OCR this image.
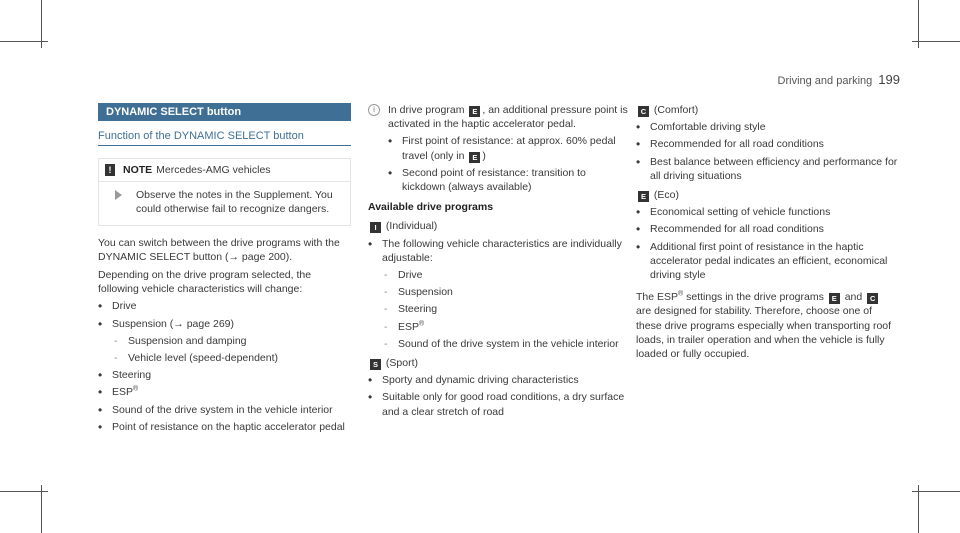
Driving and parking 199
DYNAMIC SELECT button
Function of the DYNAMIC SELECT button
!	NOTE Mercedes-AMG vehicles
Observe the notes in the Supplement. You could otherwise fail to recognize dangers.

You can switch between the drive programs with the DYNAMIC SELECT button (→ page 200).

Depending on the drive program selected, the following vehicle characteristics will change:

• Drive
• Suspension (→ page 269)
-	Suspension and damping
-	Vehicle level (speed-dependent)
• Steering
• ESP®
• Sound of the drive system in the vehicle interior
• Point of resistance on the haptic accelerator pedal
i	In drive program E , an additional pressure point is activated in the haptic accelerator pedal.
• First point of resistance: at approx. 60% pedal travel (only in E )
• Second point of resistance: transition to kickdown (always available)
Available drive programs
I (Individual)
• The following vehicle characteristics are individually adjustable:
-	Drive
-	Suspension
-	Steering
-	ESP®
-	Sound of the drive system in the vehicle interior
S (Sport)
• Sporty and dynamic driving characteristics
• Suitable only for good road conditions, a dry surface and a clear stretch of road
C (Comfort)
• Comfortable driving style
• Recommended for all road conditions
• Best balance between efficiency and performance for all driving situations
E (Eco)
• Economical setting of vehicle functions
• Recommended for all road conditions
• Additional first point of resistance in the haptic accelerator pedal indicates an efficient, economical driving style

The ESP® settings in the drive programs E and C are designed for stability. Therefore, choose one of these drive programs especially when transporting roof loads, in trailer operation and when the vehicle is fully loaded or fully occupied.
